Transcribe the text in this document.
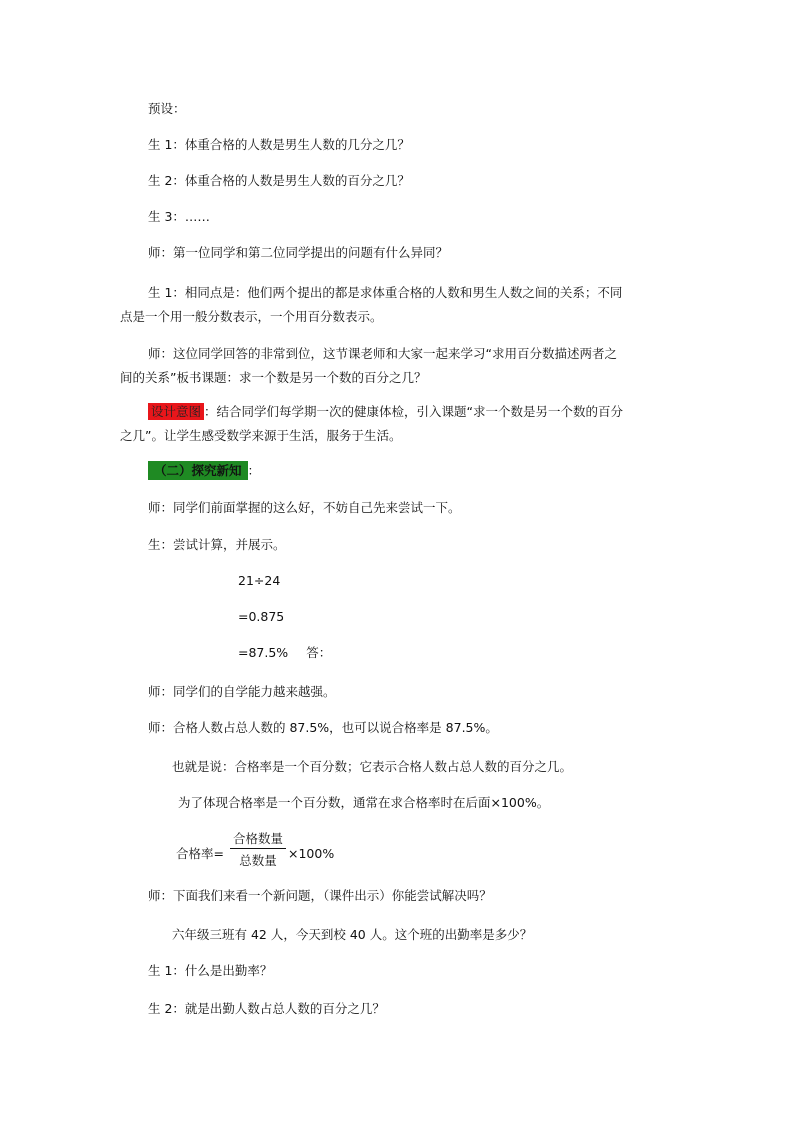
预设：
生 1：体重合格的人数是男生人数的几分之几？
生 2：体重合格的人数是男生人数的百分之几？
生 3：……
师：第一位同学和第二位同学提出的问题有什么异同？
生 1：相同点是：他们两个提出的都是求体重合格的人数和男生人数之间的关系；不同
点是一个用一般分数表示，一个用百分数表示。
师：这位同学回答的非常到位，这节课老师和大家一起来学习“求用百分数描述两者之
间的关系”板书课题：求一个数是另一个数的百分之几？
设计意图 ：结合同学们每学期一次的健康体检，引入课题“求一个数是另一个数的百分
之几”。让学生感受数学来源于生活，服务于生活。
（二）探究新知 ：
师：同学们前面掌握的这么好，不妨自己先来尝试一下。
生：尝试计算，并展示。
21÷24
=0.875
=87.5% 答：
师：同学们的自学能力越来越强。
师：合格人数占总人数的 87.5%，也可以说合格率是 87.5%。
也就是说：合格率是一个百分数；它表示合格人数占总人数的百分之几。
为了体现合格率是一个百分数，通常在求合格率时在后面×100%。
合格率=
合格数量
总数量 ×100%
师：下面我们来看一个新问题，（课件出示）你能尝试解决吗？
六年级三班有 42 人，今天到校 40 人。这个班的出勤率是多少？
生 1：什么是出勤率？
生 2：就是出勤人数占总人数的百分之几？
